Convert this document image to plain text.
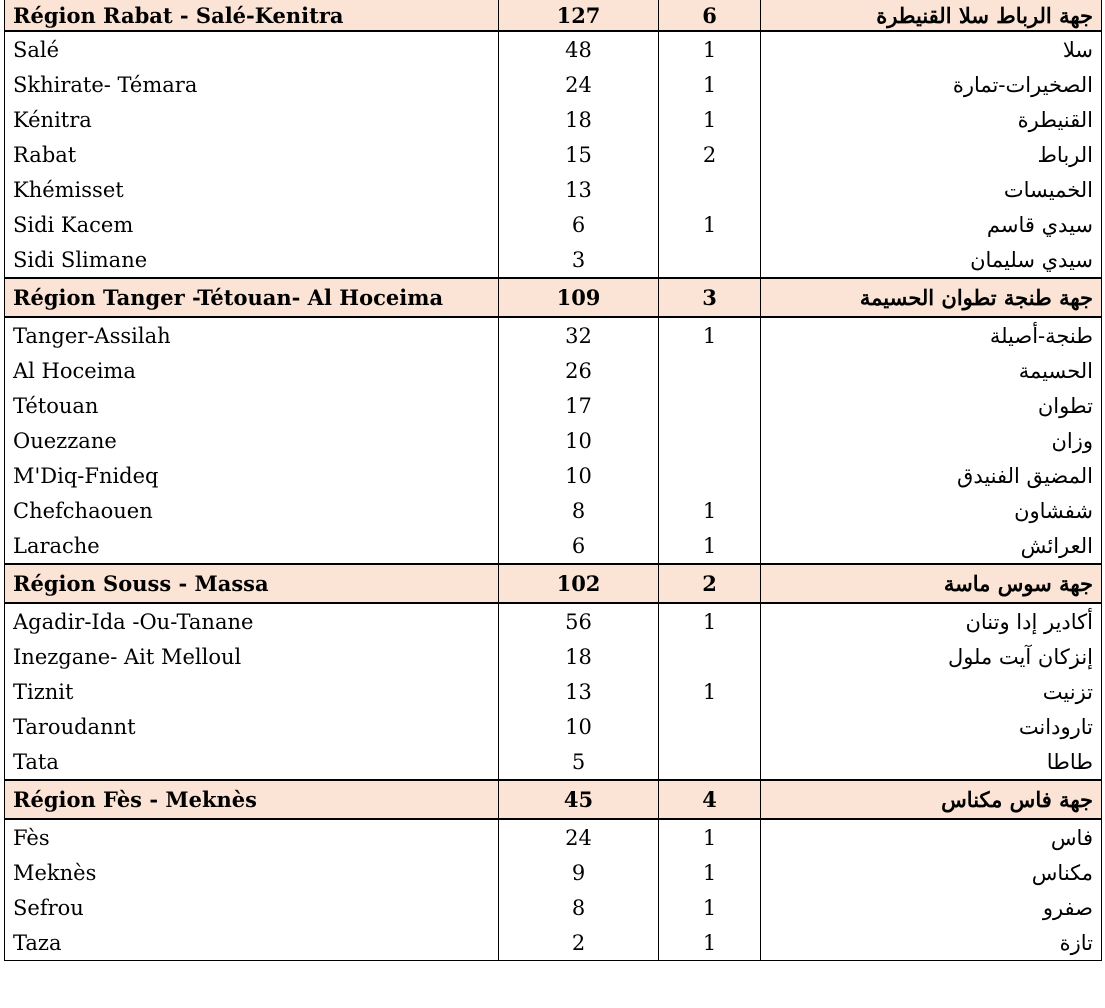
Région Rabat - Salé-Kenitra	127	6	جهة الرباط سلا القنيطرة
Salé	48	1	سلا
Skhirate- Témara	24	1	الصخيرات-تمارة
Kénitra	18	1	القنيطرة
Rabat	15	2	الرباط
Khémisset	13		الخميسات
Sidi Kacem	6	1	سيدي قاسم
Sidi Slimane	3		سيدي سليمان
Région Tanger -Tétouan- Al Hoceima	109	3	جهة طنجة تطوان الحسيمة
Tanger-Assilah	32	1	طنجة-أصيلة
Al Hoceima	26		الحسيمة
Tétouan	17		تطوان
Ouezzane	10		وزان
M'Diq-Fnideq	10		المضيق الفنيدق
Chefchaouen	8	1	شفشاون
Larache	6	1	العرائش
Région Souss - Massa	102	2	جهة سوس ماسة
Agadir-Ida -Ou-Tanane	56	1	أكادير إدا وتنان
Inezgane- Ait Melloul	18		إنزكان آيت ملول
Tiznit	13	1	تزنيت
Taroudannt	10		تارودانت
Tata	5		طاطا
Région Fès - Meknès	45	4	جهة فاس مكناس
Fès	24	1	فاس
Meknès	9	1	مكناس
Sefrou	8	1	صفرو
Taza	2	1	تازة
